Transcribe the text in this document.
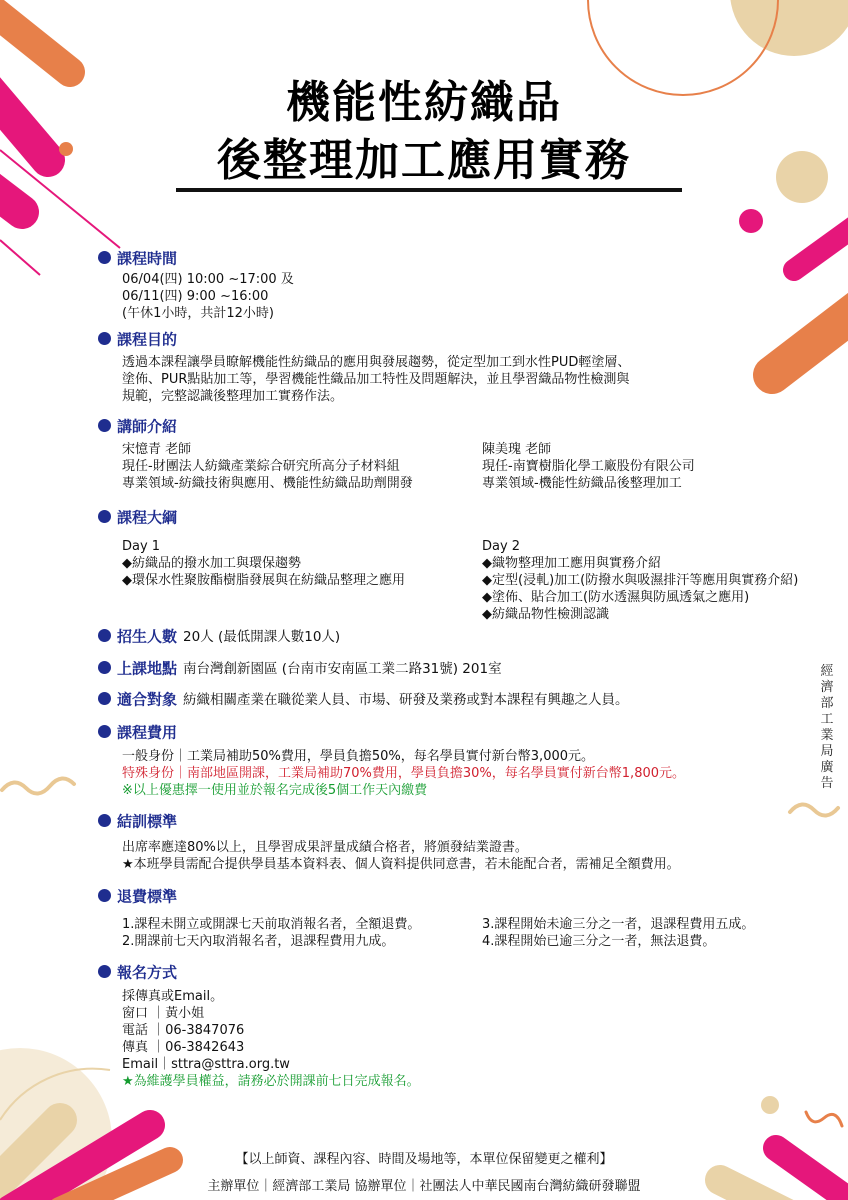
機能性紡織品
後整理加工應用實務
課程時間
06/04(四) 10:00 ~17:00 及
06/11(四) 9:00 ~16:00
(午休1小時，共計12小時)
課程目的
透過本課程讓學員瞭解機能性紡織品的應用與發展趨勢，從定型加工到水性PUD輕塗層、
塗佈、PUR點貼加工等，學習機能性織品加工特性及問題解決，並且學習織品物性檢測與
規範，完整認識後整理加工實務作法。
講師介紹
宋憶青 老師
現任-財團法人紡織產業綜合研究所高分子材料組
專業領域-紡織技術與應用、機能性紡織品助劑開發
陳美瑰 老師
現任-南寶樹脂化學工廠股份有限公司
專業領域-機能性紡織品後整理加工
課程大綱
Day 1
◆紡織品的撥水加工與環保趨勢
◆環保水性聚胺酯樹脂發展與在紡織品整理之應用
Day 2
◆織物整理加工應用與實務介紹
◆定型(浸軋)加工(防撥水與吸濕排汗等應用與實務介紹)
◆塗佈、貼合加工(防水透濕與防風透氣之應用)
◆紡織品物性檢測認識
招生人數 20人 (最低開課人數10人)
上課地點 南台灣創新園區 (台南市安南區工業二路31號) 201室
適合對象 紡織相關產業在職從業人員、市場、研發及業務或對本課程有興趣之人員。
課程費用
一般身份｜工業局補助50%費用，學員負擔50%，每名學員實付新台幣3,000元。
特殊身份｜南部地區開課，工業局補助70%費用，學員負擔30%，每名學員實付新台幣1,800元。
※以上優惠擇一使用並於報名完成後5個工作天內繳費
結訓標準
出席率應達80%以上，且學習成果評量成績合格者，將頒發結業證書。
★本班學員需配合提供學員基本資料表、個人資料提供同意書，若未能配合者，需補足全額費用。
退費標準
1.課程未開立或開課七天前取消報名者，全額退費。
2.開課前七天內取消報名者，退課程費用九成。
3.課程開始未逾三分之一者，退課程費用五成。
4.課程開始已逾三分之一者，無法退費。
報名方式
採傳真或Email。
窗口 ｜黃小姐
電話 ｜06-3847076
傳真 ｜06-3842643
Email｜sttra@sttra.org.tw
★為維護學員權益，請務必於開課前七日完成報名。
經
濟
部
工
業
局
廣
告
【以上師資、課程內容、時間及場地等，本單位保留變更之權利】
主辦單位｜經濟部工業局 協辦單位｜社團法人中華民國南台灣紡織研發聯盟
